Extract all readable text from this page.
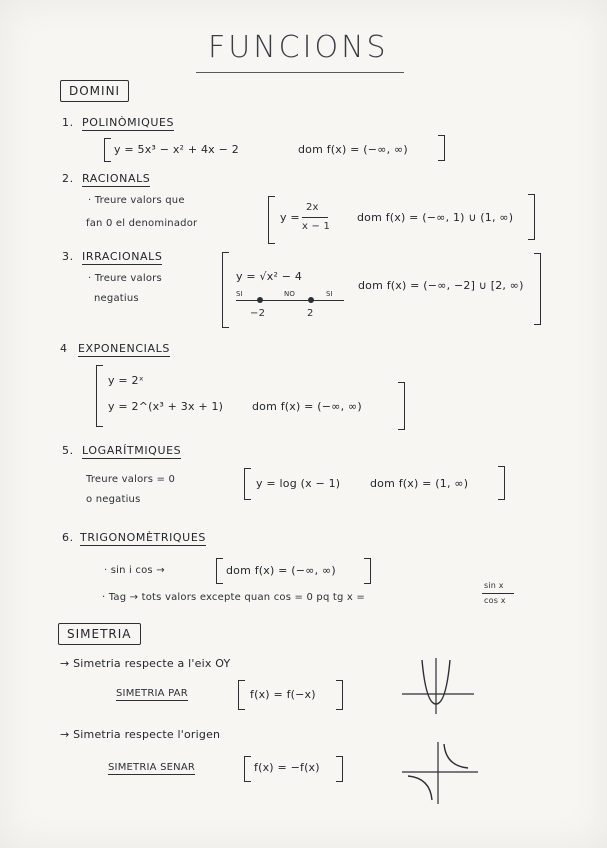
FUNCIONS
DOMINI
1. POLINÒMIQUES
y = 5x³ − x² + 4x − 2	dom f(x) = (−∞, ∞)
2. RACIONALS
· Treure valors que
fan 0 el denominador	y =
2x
x − 1
dom f(x) = (−∞, 1) ∪ (1, ∞)
3. IRRACIONALS
· Treure valors
negatius
y = √x² − 4
SI	NO	SI
−2	2
dom f(x) = (−∞, −2] ∪ [2, ∞)
4 EXPONENCIALS
y = 2ˣ
y = 2^(x³ + 3x + 1)	dom f(x) = (−∞, ∞)
5. LOGARÍTMIQUES
Treure valors = 0
o negatius
y = log (x − 1)	dom f(x) = (1, ∞)
6. TRIGONOMÈTRIQUES
· sin i cos →	dom f(x) = (−∞, ∞)
· Tag → tots valors excepte quan cos = 0 pq tg x =
sin x
cos x
SIMETRIA
→ Simetria respecte a l'eix OY
SIMETRIA PAR	f(x) = f(−x)
→ Simetria respecte l'origen
SIMETRIA SENAR	f(x) = −f(x)
